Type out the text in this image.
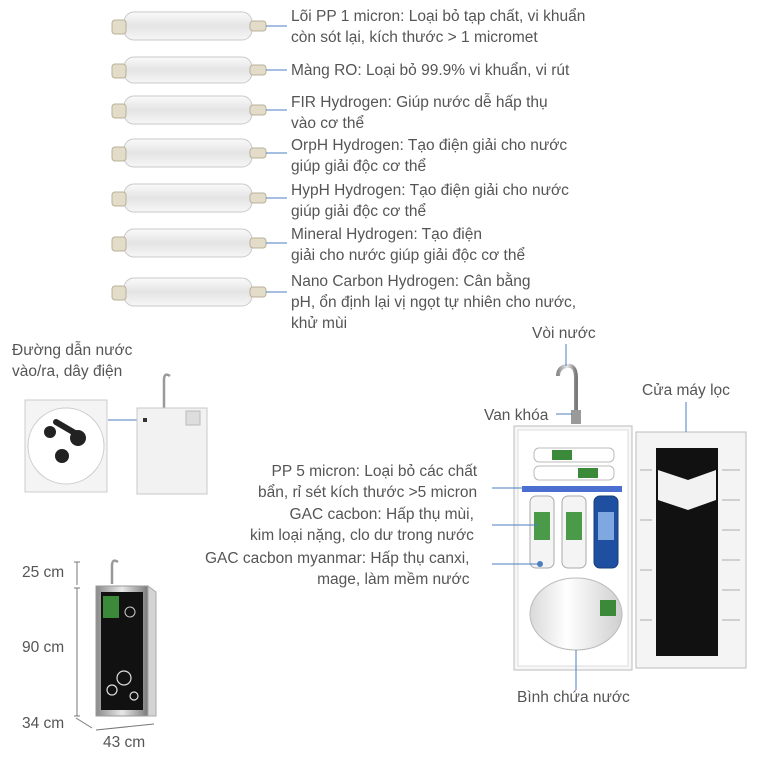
Lõi PP 1 micron: Loại bỏ tạp chất, vi khuẩn
còn sót lại, kích thước > 1 micromet
Màng RO: Loại bỏ 99.9% vi khuẩn, vi rút
FIR Hydrogen: Giúp nước dễ hấp thụ
vào cơ thể
OrpH Hydrogen: Tạo điện giải cho nước
giúp giải độc cơ thể
HypH Hydrogen: Tạo điện giải cho nước
giúp giải độc cơ thể
Mineral Hydrogen: Tạo điện
giải cho nước giúp giải độc cơ thể
Nano Carbon Hydrogen: Cân bằng
pH, ổn định lại vị ngọt tự nhiên cho nước,
khử mùi
Đường dẫn nước
vào/ra, dây điện
25 cm
90 cm
34 cm
43 cm
Vòi nước
Van khóa
Cửa máy lọc
PP 5 micron: Loại bỏ các chất
bẩn, rỉ sét kích thước >5 micron
GAC cacbon: Hấp thụ mùi,
kim loại nặng, clo dư trong nước
GAC cacbon myanmar: Hấp thụ canxi,
mage, làm mềm nước
Bình chứa nước
